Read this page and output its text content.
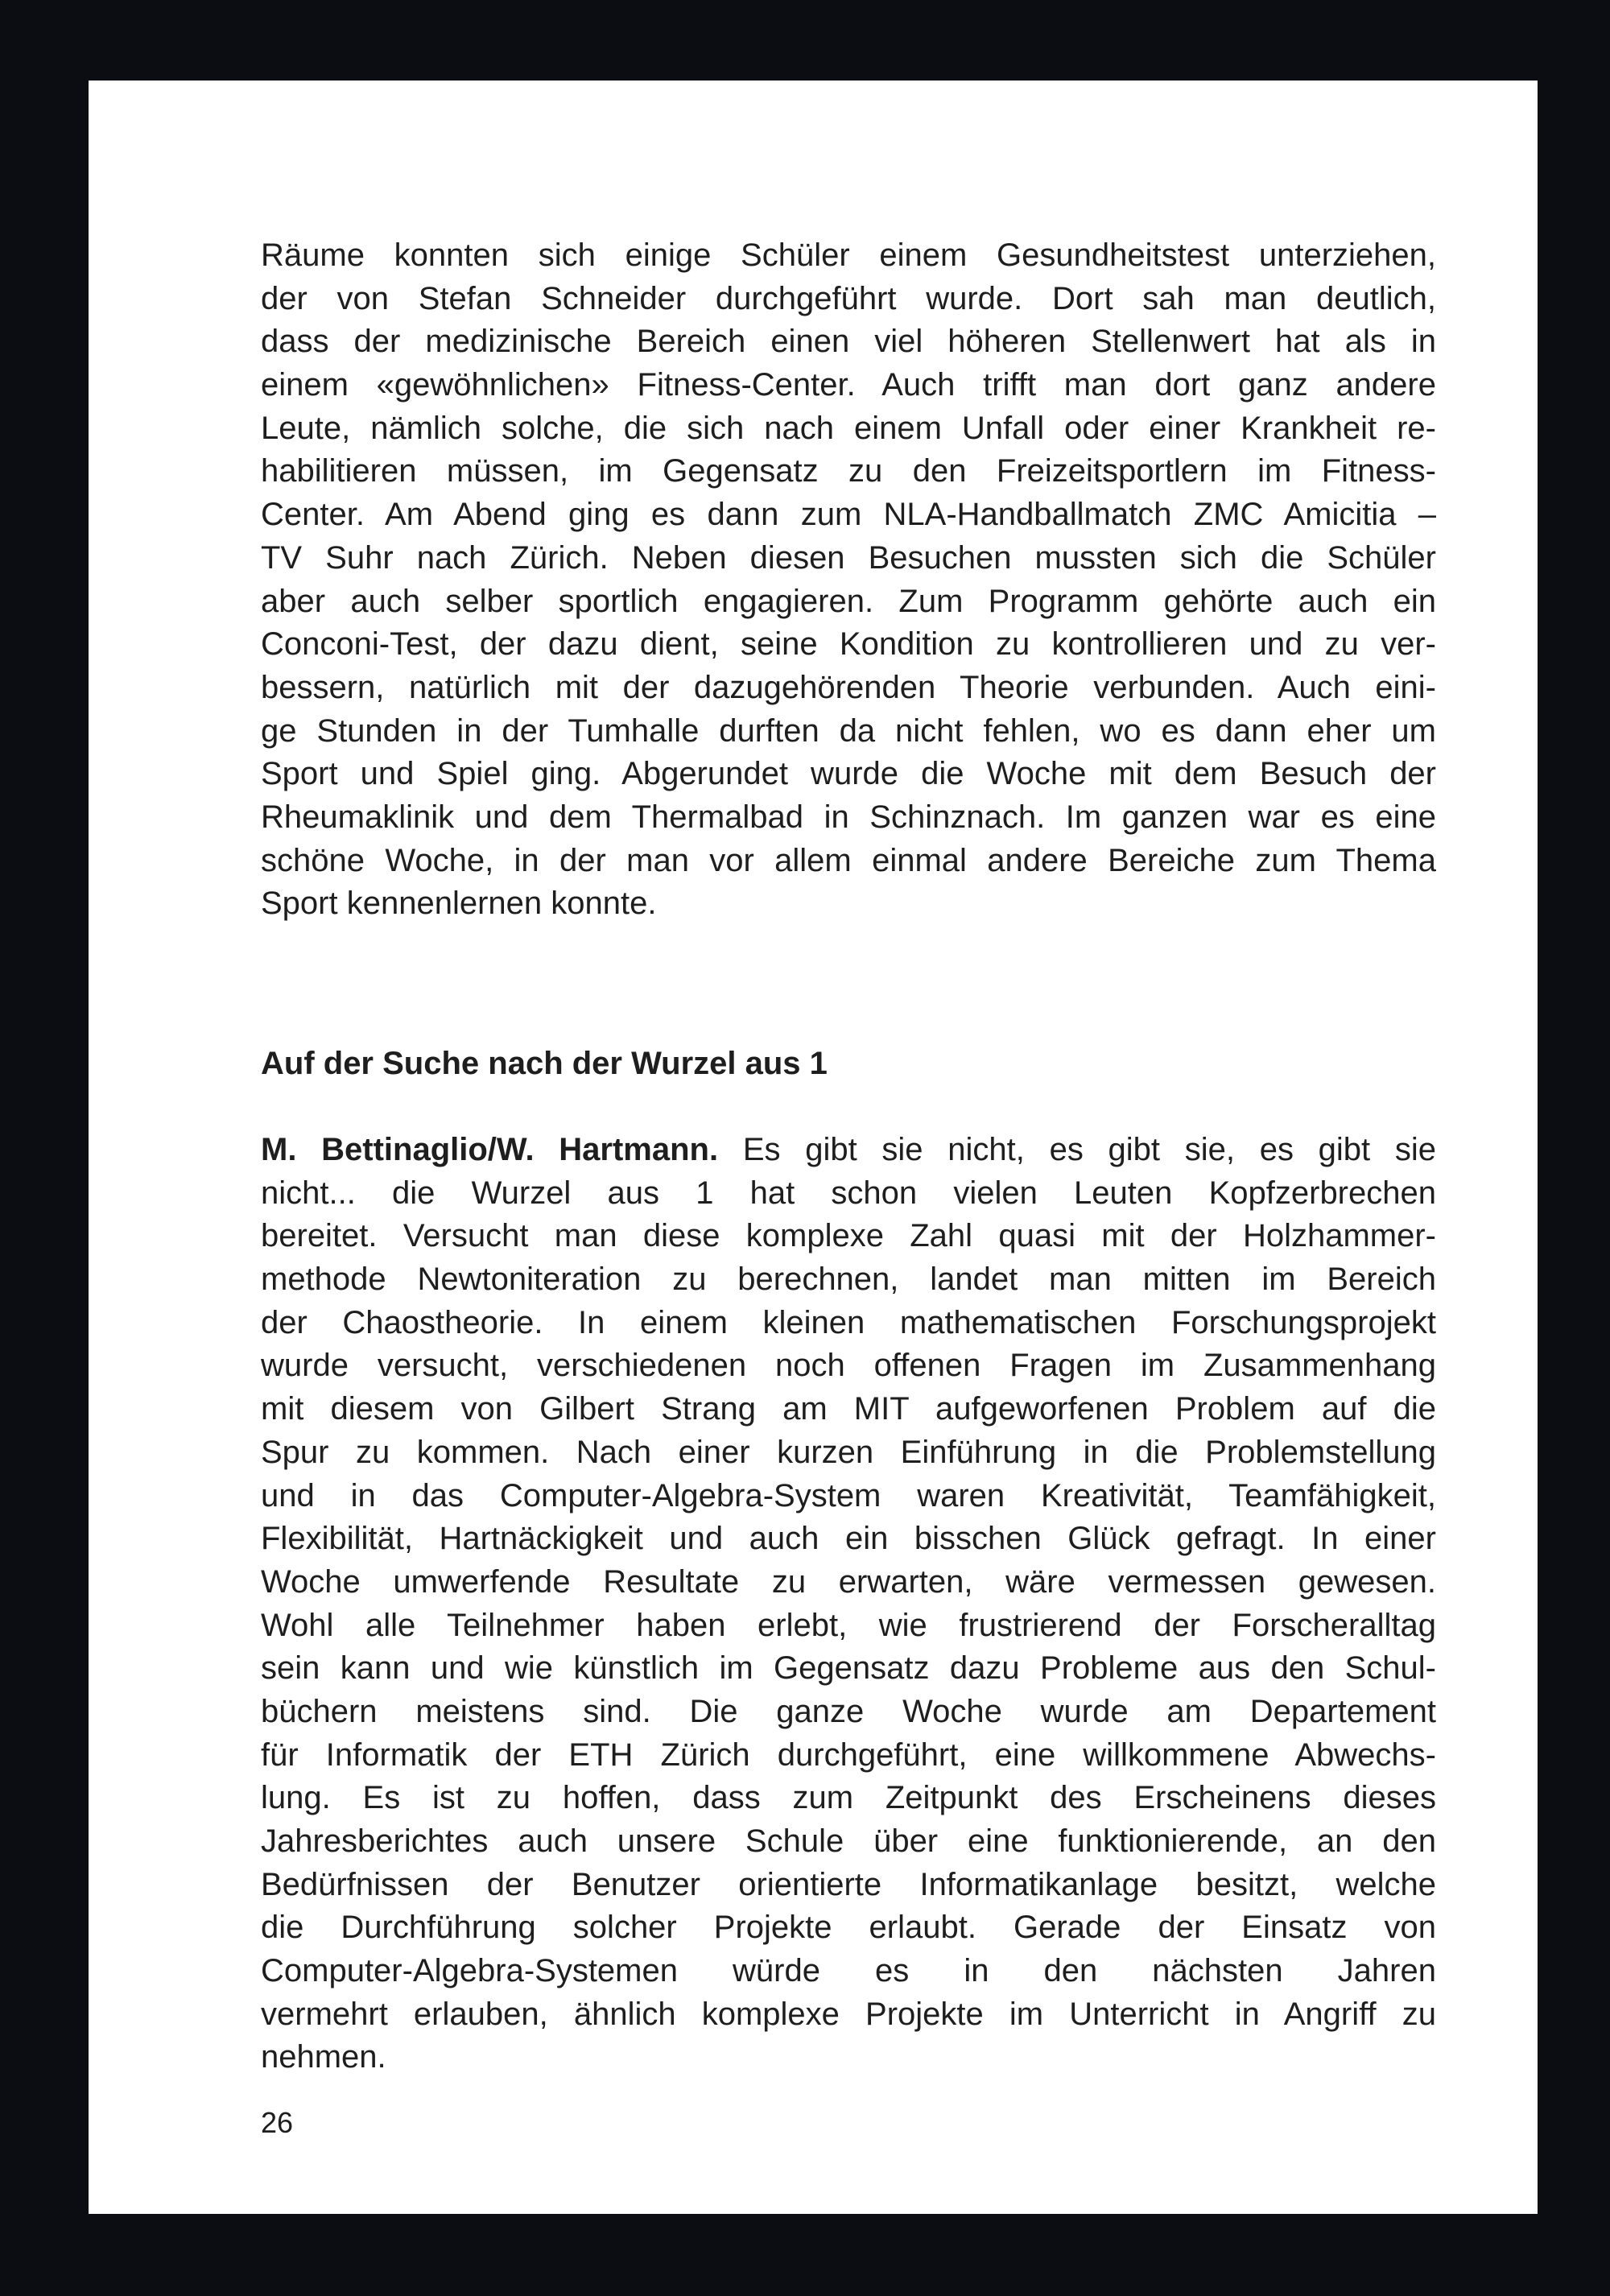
Räume konnten sich einige Schüler einem Gesundheitstest unterziehen,
der von Stefan Schneider durchgeführt wurde. Dort sah man deutlich,
dass der medizinische Bereich einen viel höheren Stellenwert hat als in
einem «gewöhnlichen» Fitness-Center. Auch trifft man dort ganz andere
Leute, nämlich solche, die sich nach einem Unfall oder einer Krankheit re-
habilitieren müssen, im Gegensatz zu den Freizeitsportlern im Fitness-
Center. Am Abend ging es dann zum NLA-Handballmatch ZMC Amicitia –
TV Suhr nach Zürich. Neben diesen Besuchen mussten sich die Schüler
aber auch selber sportlich engagieren. Zum Programm gehörte auch ein
Conconi-Test, der dazu dient, seine Kondition zu kontrollieren und zu ver-
bessern, natürlich mit der dazugehörenden Theorie verbunden. Auch eini-
ge Stunden in der Tumhalle durften da nicht fehlen, wo es dann eher um
Sport und Spiel ging. Abgerundet wurde die Woche mit dem Besuch der
Rheumaklinik und dem Thermalbad in Schinznach. Im ganzen war es eine
schöne Woche, in der man vor allem einmal andere Bereiche zum Thema
Sport kennenlernen konnte.
Auf der Suche nach der Wurzel aus 1
M. Bettinaglio/W. Hartmann. Es gibt sie nicht, es gibt sie, es gibt sie
nicht... die Wurzel aus 1 hat schon vielen Leuten Kopfzerbrechen
bereitet. Versucht man diese komplexe Zahl quasi mit der Holzhammer-
methode Newtoniteration zu berechnen, landet man mitten im Bereich
der Chaostheorie. In einem kleinen mathematischen Forschungsprojekt
wurde versucht, verschiedenen noch offenen Fragen im Zusammenhang
mit diesem von Gilbert Strang am MIT aufgeworfenen Problem auf die
Spur zu kommen. Nach einer kurzen Einführung in die Problemstellung
und in das Computer-Algebra-System waren Kreativität, Teamfähigkeit,
Flexibilität, Hartnäckigkeit und auch ein bisschen Glück gefragt. In einer
Woche umwerfende Resultate zu erwarten, wäre vermessen gewesen.
Wohl alle Teilnehmer haben erlebt, wie frustrierend der Forscheralltag
sein kann und wie künstlich im Gegensatz dazu Probleme aus den Schul-
büchern meistens sind. Die ganze Woche wurde am Departement
für Informatik der ETH Zürich durchgeführt, eine willkommene Abwechs-
lung. Es ist zu hoffen, dass zum Zeitpunkt des Erscheinens dieses
Jahresberichtes auch unsere Schule über eine funktionierende, an den
Bedürfnissen der Benutzer orientierte Informatikanlage besitzt, welche
die Durchführung solcher Projekte erlaubt. Gerade der Einsatz von
Computer-Algebra-Systemen würde es in den nächsten Jahren
vermehrt erlauben, ähnlich komplexe Projekte im Unterricht in Angriff zu
nehmen.
26
